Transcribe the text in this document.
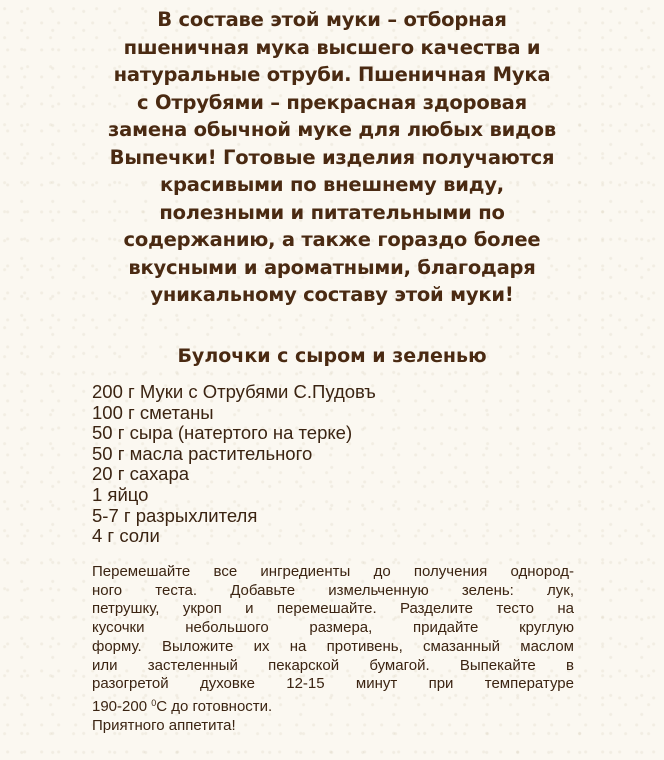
В составе этой муки – отборная
пшеничная мука высшего качества и
натуральные отруби. Пшеничная Мука
с Отрубями – прекрасная здоровая
замена обычной муке для любых видов
Выпечки! Готовые изделия получаются
красивыми по внешнему виду,
полезными и питательными по
содержанию, а также гораздо более
вкусными и ароматными, благодаря
уникальному составу этой муки!
Булочки с сыром и зеленью
200 г Муки с Отрубями С.Пудовъ
100 г сметаны
50 г сыра (натертого на терке)
50 г масла растительного
20 г сахара
1 яйцо
5-7 г разрыхлителя
4 г соли
Перемешайте все ингредиенты до получения однород-
ного теста. Добавьте измельченную зелень: лук,
петрушку, укроп и перемешайте. Разделите тесто на
кусочки небольшого размера, придайте круглую
форму. Выложите их на противень, смазанный маслом
или застеленный пекарской бумагой. Выпекайте в
разогретой духовке 12-15 минут при температуре
190-200 $^0$С до готовности.
Приятного аппетита!
